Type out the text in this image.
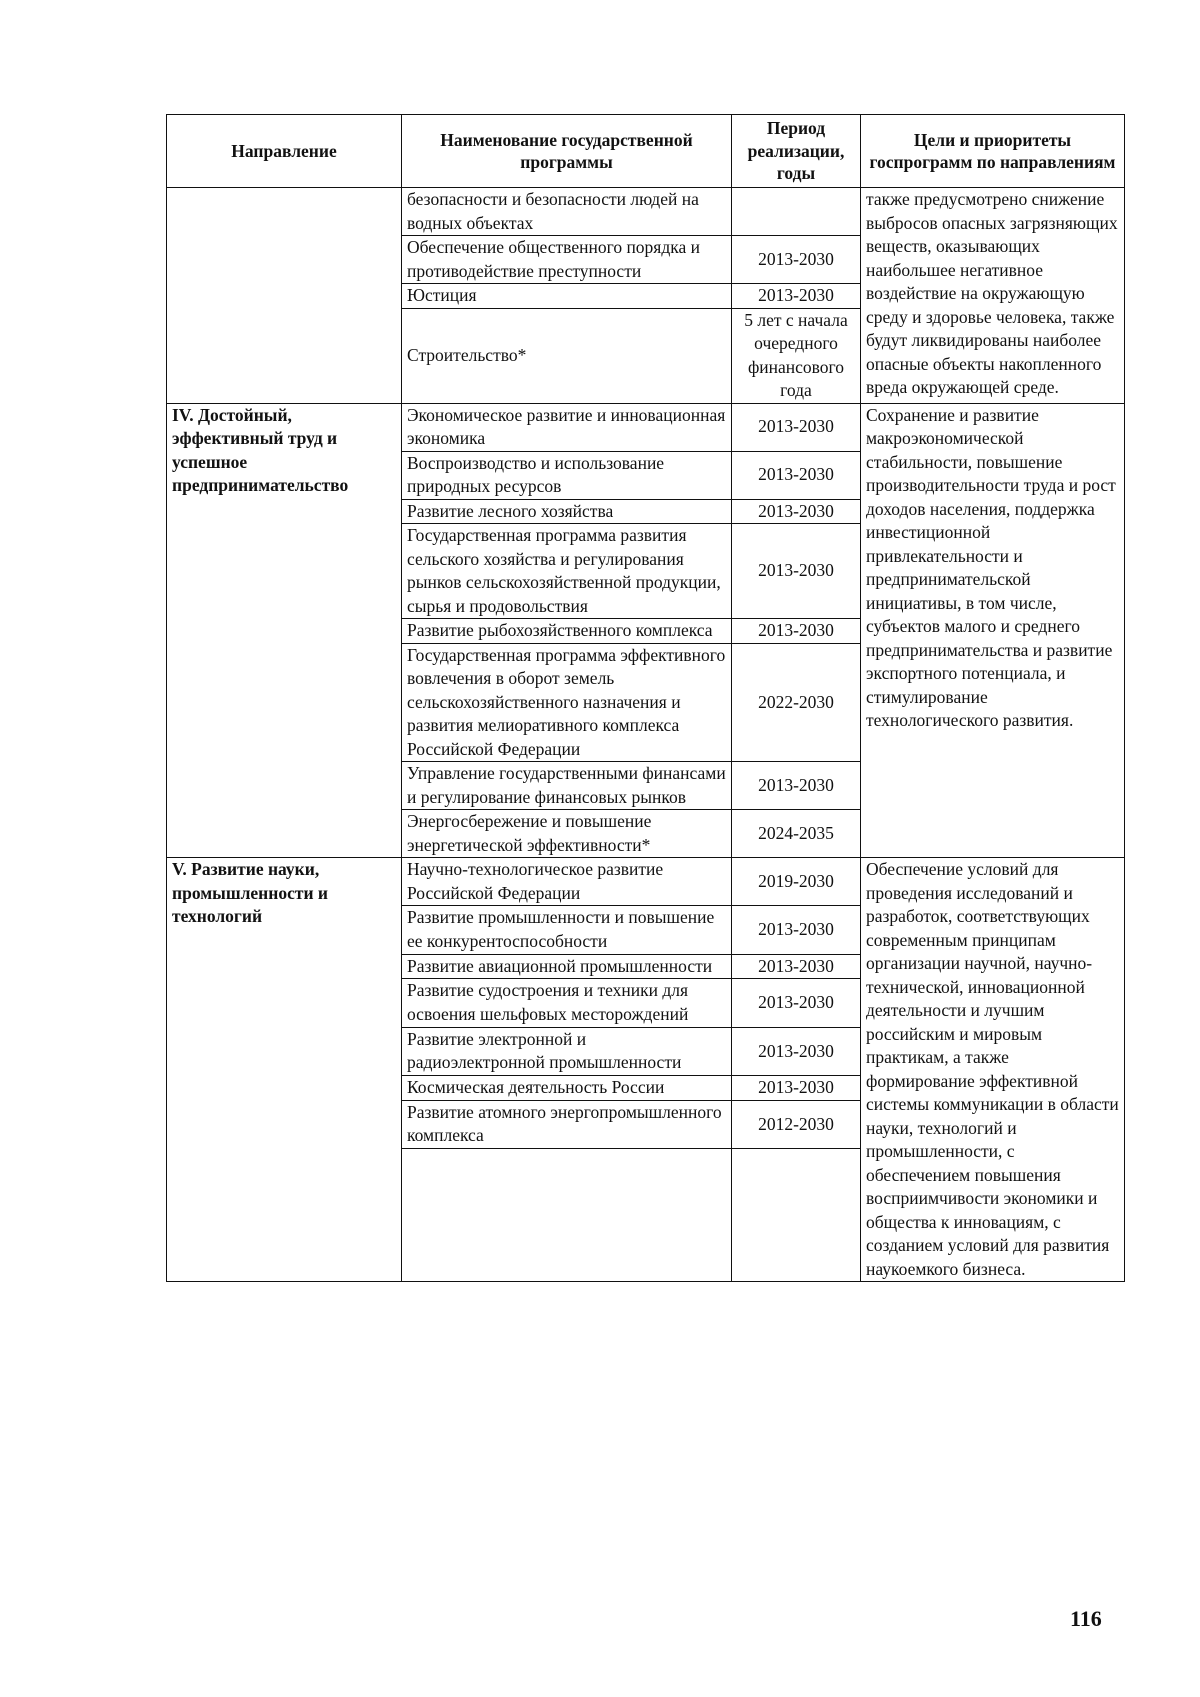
Направление	Наименование государственной программы	Период реализации, годы	Цели и приоритеты госпрограмм по направлениям
	безопасности и безопасности людей на водных объектах		также предусмотрено снижение выбросов опасных загрязняющих веществ, оказывающих наибольшее негативное воздействие на окружающую среду и здоровье человека, также будут ликвидированы наиболее опасные объекты накопленного вреда окружающей среде.
	Обеспечение общественного порядка и противодействие преступности	2013-2030	
	Юстиция	2013-2030	
	Строительство*	5 лет с начала очередного финансового года	
IV. Достойный, эффективный труд и успешное предпринимательство	Экономическое развитие и инновационная экономика	2013-2030	Сохранение и развитие макроэкономической стабильности, повышение производительности труда и рост доходов населения, поддержка инвестиционной привлекательности и предпринимательской инициативы, в том числе, субъектов малого и среднего предпринимательства и развитие экспортного потенциала, и стимулирование технологического развития.
	Воспроизводство и использование природных ресурсов	2013-2030	
	Развитие лесного хозяйства	2013-2030	
	Государственная программа развития сельского хозяйства и регулирования рынков сельскохозяйственной продукции, сырья и продовольствия	2013-2030	
	Развитие рыбохозяйственного комплекса	2013-2030	
	Государственная программа эффективного вовлечения в оборот земель сельскохозяйственного назначения и развития мелиоративного комплекса Российской Федерации	2022-2030	
	Управление государственными финансами и регулирование финансовых рынков	2013-2030	
	Энергосбережение и повышение энергетической эффективности*	2024-2035	
V. Развитие науки, промышленности и технологий	Научно-технологическое развитие Российской Федерации	2019-2030	Обеспечение условий для проведения исследований и разработок, соответствующих современным принципам организации научной, научно-технической, инновационной деятельности и лучшим российским и мировым практикам, а также формирование эффективной системы коммуникации в области науки, технологий и промышленности, с обеспечением повышения восприимчивости экономики и общества к инновациям, с созданием условий для развития наукоемкого бизнеса.
	Развитие промышленности и повышение ее конкурентоспособности	2013-2030	
	Развитие авиационной промышленности	2013-2030	
	Развитие судостроения и техники для освоения шельфовых месторождений	2013-2030	
	Развитие электронной и радиоэлектронной промышленности	2013-2030	
	Космическая деятельность России	2013-2030	
	Развитие атомного энергопромышленного комплекса	2012-2030	

116
